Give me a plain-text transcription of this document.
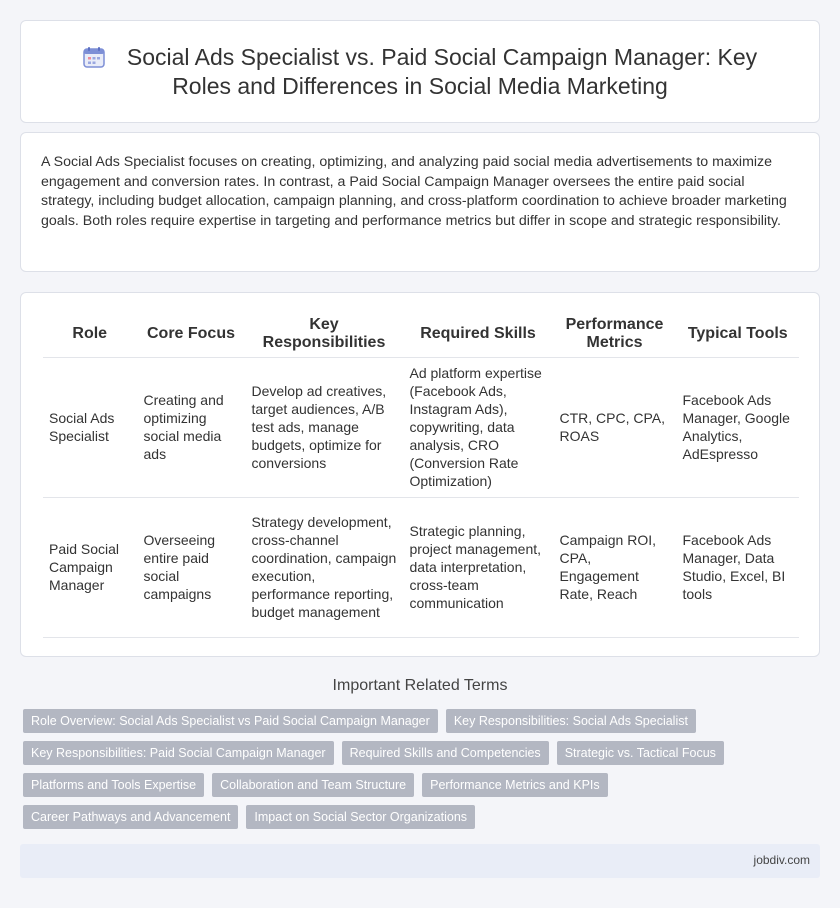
Social Ads Specialist vs. Paid Social Campaign Manager: Key Roles and Differences in Social Media Marketing

A Social Ads Specialist focuses on creating, optimizing, and analyzing paid social media advertisements to maximize engagement and conversion rates. In contrast, a Paid Social Campaign Manager oversees the entire paid social strategy, including budget allocation, campaign planning, and cross-platform coordination to achieve broader marketing goals. Both roles require expertise in targeting and performance metrics but differ in scope and strategic responsibility.

Role	Core Focus	Key Responsibilities	Required Skills	Performance Metrics	Typical Tools
Social Ads Specialist	Creating and optimizing social media ads	Develop ad creatives, target audiences, A/B test ads, manage budgets, optimize for conversions	Ad platform expertise (Facebook Ads, Instagram Ads), copywriting, data analysis, CRO (Conversion Rate Optimization)	CTR, CPC, CPA, ROAS	Facebook Ads Manager, Google Analytics, AdEspresso
Paid Social Campaign Manager	Overseeing entire paid social campaigns	Strategy development, cross-channel coordination, campaign execution, performance reporting, budget management	Strategic planning, project management, data interpretation, cross-team communication	Campaign ROI, CPA, Engagement Rate, Reach	Facebook Ads Manager, Data Studio, Excel, BI tools
Important Related Terms
Role Overview: Social Ads Specialist vs Paid Social Campaign Manager	Key Responsibilities: Social Ads Specialist
Key Responsibilities: Paid Social Campaign Manager	Required Skills and Competencies	Strategic vs. Tactical Focus
Platforms and Tools Expertise	Collaboration and Team Structure	Performance Metrics and KPIs
Career Pathways and Advancement	Impact on Social Sector Organizations
jobdiv.com
